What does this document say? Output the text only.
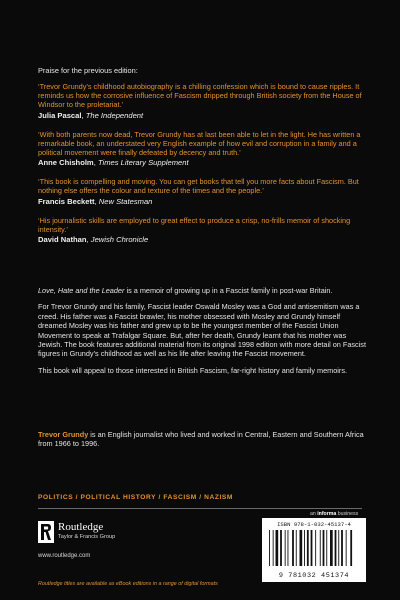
Praise for the previous edition:

‘Trevor Grundy’s childhood autobiography is a chilling confession which is bound to cause ripples. It reminds us how the corrosive influence of Fascism dripped through British society from the House of Windsor to the proletariat.’

Julia Pascal, The Independent

‘With both parents now dead, Trevor Grundy has at last been able to let in the light. He has written a remarkable book, an understated very English example of how evil and corruption in a family and a political movement were finally defeated by decency and truth.’

Anne Chisholm, Times Literary Supplement

‘This book is compelling and moving. You can get books that tell you more facts about Fascism. But nothing else offers the colour and texture of the times and the people.’

Francis Beckett, New Statesman

‘His journalistic skills are employed to great effect to produce a crisp, no-frills memoir of shocking intensity.’

David Nathan, Jewish Chronicle

Love, Hate and the Leader is a memoir of growing up in a Fascist family in post-war Britain.

For Trevor Grundy and his family, Fascist leader Oswald Mosley was a God and antisemitism was a creed. His father was a Fascist brawler, his mother obsessed with Mosley and Grundy himself dreamed Mosley was his father and grew up to be the youngest member of the Fascist Union Movement to speak at Trafalgar Square. But, after her death, Grundy learnt that his mother was Jewish. The book features additional material from its original 1998 edition with more detail on Fascist figures in Grundy’s childhood as well as his life after leaving the Fascist movement.

This book will appeal to those interested in British Fascism, far-right history and family memoirs.

Trevor Grundy is an English journalist who lived and worked in Central, Eastern and Southern Africa from 1966 to 1996.

POLITICS / POLITICAL HISTORY / FASCISM / NAZISM
an informa business
Routledge
Taylor & Francis Group
www.routledge.com
Routledge titles are available as eBook editions in a range of digital formats
ISBN 978-1-032-45137-4
9 781032 451374
